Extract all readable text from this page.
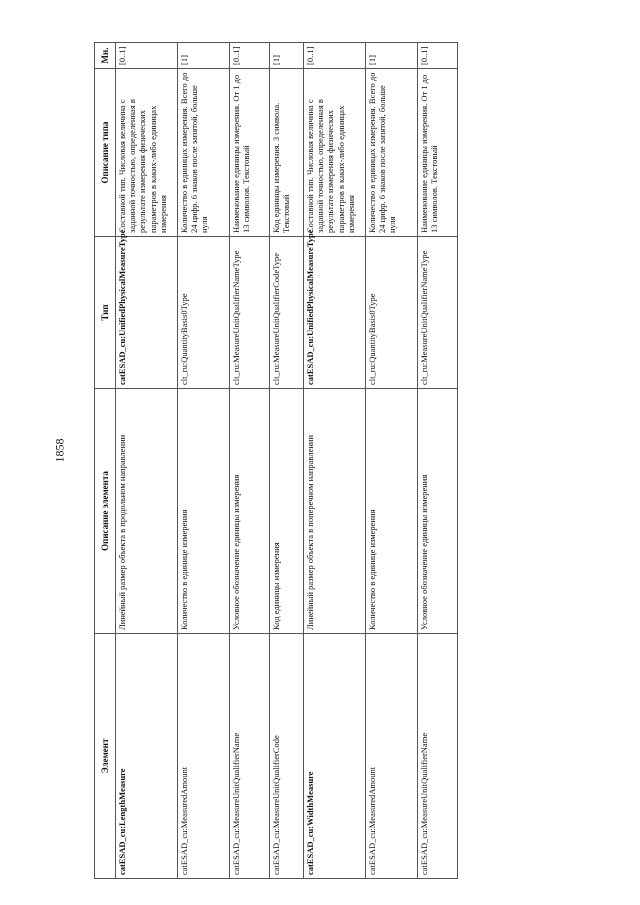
1858
Элемент	Описание элемента	Тип	Описание типа	Мн.
catESAD_cu:LengthMeasure	Линейный размер объекта в продольном направлении	catESAD_cu:UnifiedPhysicalMeasureType	Составной тип. Числовая величина с заданной точностью, определенная в результате измерения физических параметров в каких-либо единицах измерения	[0..1]
catESAD_cu:MeasuredAmount	Количество в единице измерения	clt_ru:QuantityBasis0Type	Количество в единицах измерения. Всего до 24 цифр. 6 знаков после запятой, больше нуля	[1]
catESAD_cu:MeasureUnitQualifierName	Условное обозначение единицы измерения	clt_ru:MeasureUnitQualifierNameType	Наименование единицы измерения. От 1 до 13 символов. Текстовый	[0..1]
catESAD_cu:MeasureUnitQualifierCode	Код единицы измерения	clt_ru:MeasureUnitQualifierCodeType	Код единицы измерения. 3 символа. Текстовый	[1]
catESAD_cu:WidthMeasure	Линейный размер объекта в поперечном направлении	catESAD_cu:UnifiedPhysicalMeasureType	Составной тип. Числовая величина с заданной точностью, определенная в результате измерения физических параметров в каких-либо единицах измерения	[0..1]
catESAD_cu:MeasuredAmount	Количество в единице измерения	clt_ru:QuantityBasis0Type	Количество в единицах измерения. Всего до 24 цифр. 6 знаков после запятой, больше нуля	[1]
catESAD_cu:MeasureUnitQualifierName	Условное обозначение единицы измерения	clt_ru:MeasureUnitQualifierNameType	Наименование единицы измерения. От 1 до 13 символов. Текстовый	[0..1]
